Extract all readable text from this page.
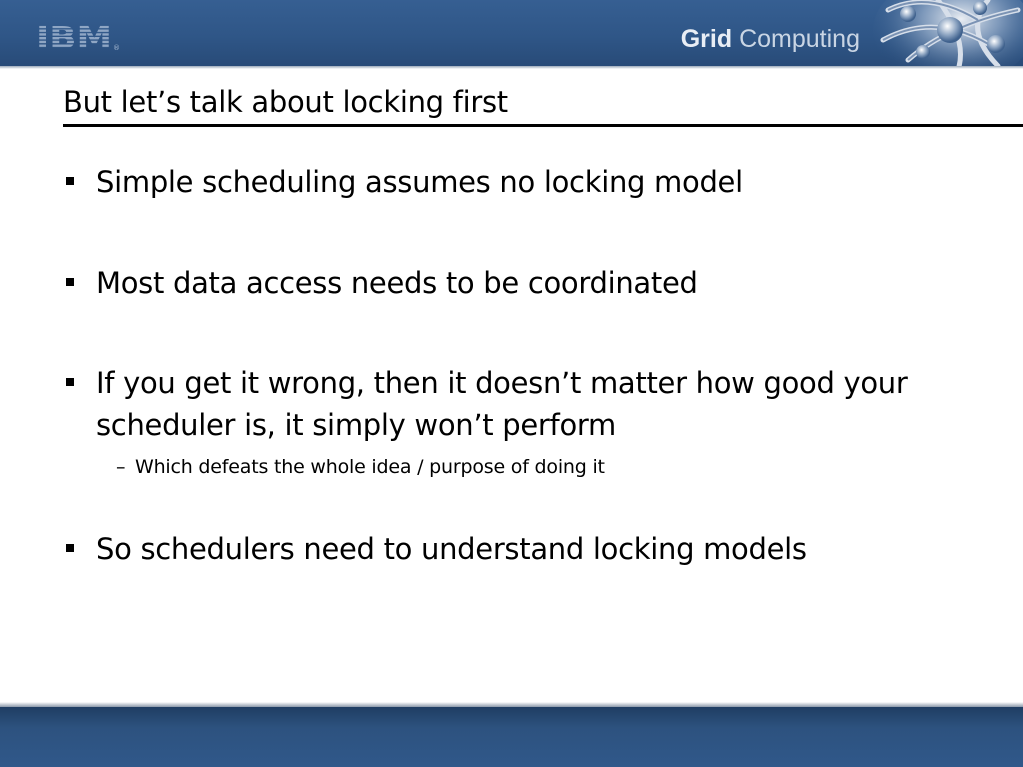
IBM ®	Grid Computing
But let’s talk about locking first
Simple scheduling assumes no locking model
Most data access needs to be coordinated
If you get it wrong, then it doesn’t matter how good your scheduler is, it simply won’t perform
– Which defeats the whole idea / purpose of doing it
So schedulers need to understand locking models
